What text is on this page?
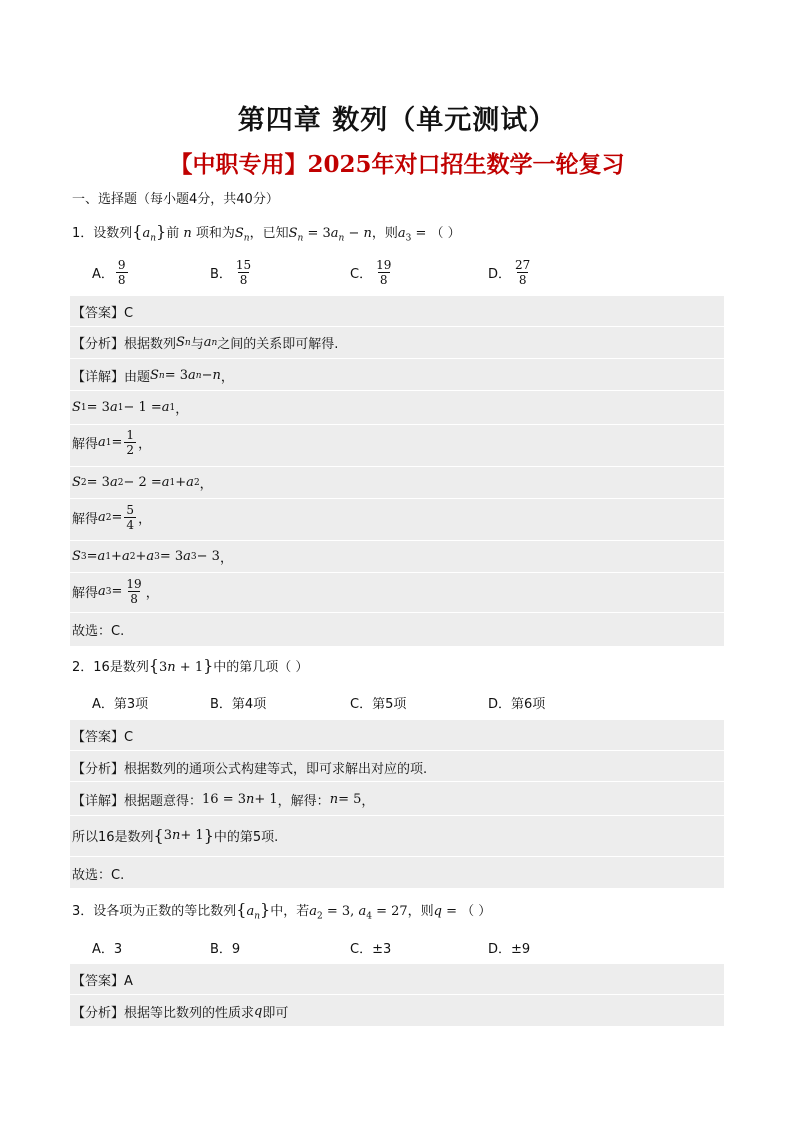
第四章 数列（单元测试）
【中职专用】2025年对口招生数学一轮复习
一、选择题（每小题4分，共40分）
1．设数列$\{a_n\}$前 n 项和为$S_n$，已知$S_n = 3a_n - n$，则$a_3$ = （ ）
A． $\frac{9}{8}$	B． $\frac{15}{8}$	C． $\frac{19}{8}$	D． $\frac{27}{8}$
【答案】C
【分析】根据数列 S n 与 a n 之间的关系即可解得.
【详解】由题 S n = 3 a n − n ，
S 1 = 3 a 1 − 1 = a 1 ，
解得 a $1 = \frac{1}{2}$ ，
S 2 = 3 a 2 − 2 = a 1 + a 2 ，
解得 a $2 = \frac{5}{4}$ ，
S 3 = a 1 + a 2 + a 3 = 3 a 3 − 3 ，
解得 a $3 = \frac{19}{8}$ ，
故选：C.
2．16是数列{3n + 1}中的第几项（ ）
A．第3项	B．第4项	C．第5项	D．第6项
【答案】C
【分析】根据数列的通项公式构建等式，即可求解出对应的项.
【详解】根据题意得： 16 = 3 n + 1 ，解得： n = 5 ，
所以16是数列 { 3 n + 1 } 中的第5项.
故选：C.
3．设各项为正数的等比数列$\{a_n\}$中，若$a_2 = 3$, $a_4 = 27$，则q = （ ）
A．3	B．9	C．±3	D．±9
【答案】A
【分析】根据等比数列的性质求 q 即可
